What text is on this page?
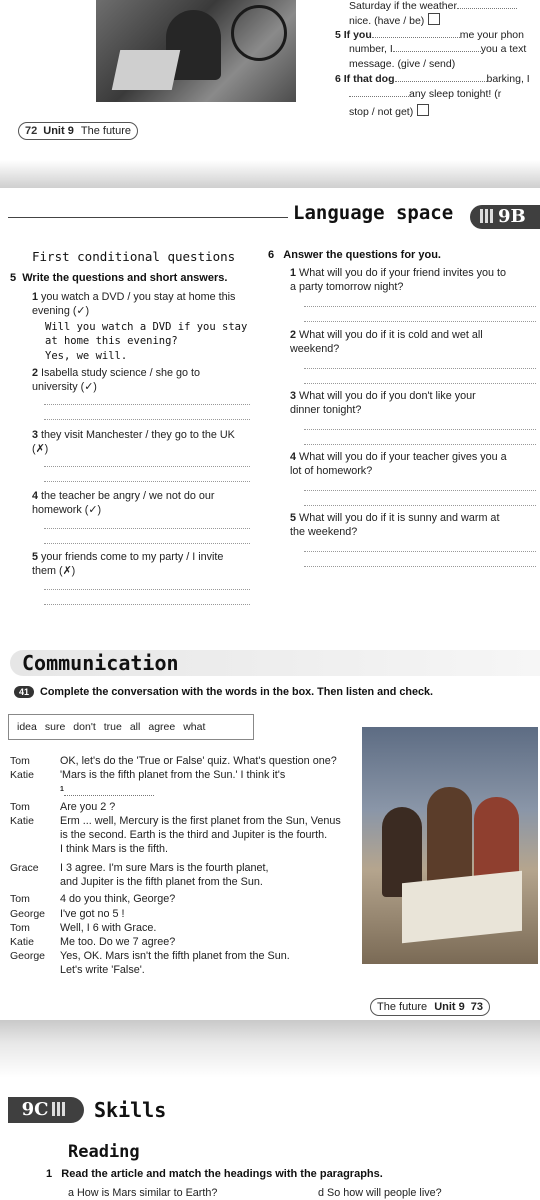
Saturday if the weather
nice. (have / be)
5 If you	me your phon
number, I	you a text
message. (give / send)
6 If that dog	barking, I
any sleep tonight! (r
stop / not get)
72 Unit 9 The future
Language space	9B
First conditional questions
5 Write the questions and short answers.
1 you watch a DVD / you stay at home this evening (✓)
Will you watch a DVD if you stay at home this evening?
Yes, we will.
2 Isabella study science / she go to university (✓)
3 they visit Manchester / they go to the UK (✗)
4 the teacher be angry / we not do our homework (✓)
5 your friends come to my party / I invite them (✗)
6 Answer the questions for you.
1 What will you do if your friend invites you to a party tomorrow night?
2 What will you do if it is cold and wet all weekend?
3 What will you do if you don't like your dinner tonight?
4 What will you do if your teacher gives you a lot of homework?
5 What will you do if it is sunny and warm at the weekend?
Communication
41 Complete the conversation with the words in the box. Then listen and check.
idea sure don't true all agree what
Tom	OK, let's do the 'True or False' quiz. What's question one?
Katie	'Mars is the fifth planet from the Sun.' I think it's
$^1$
Tom	Are you 2 ?
Katie	Erm ... well, Mercury is the first planet from the Sun, Venus
is the second. Earth is the third and Jupiter is the fourth.
I think Mars is the fifth.
Grace	I 3 agree. I'm sure Mars is the fourth planet,
and Jupiter is the fifth planet from the Sun.
Tom	4 do you think, George?
George	I've got no 5 !
Tom	Well, I 6 with Grace.
Katie	Me too. Do we 7 agree?
George	Yes, OK. Mars isn't the fifth planet from the Sun.
Let's write 'False'.
The future Unit 9 73
9C	Skills
Reading
1 Read the article and match the headings with the paragraphs.
a How is Mars similar to Earth?	d So how will people live?
